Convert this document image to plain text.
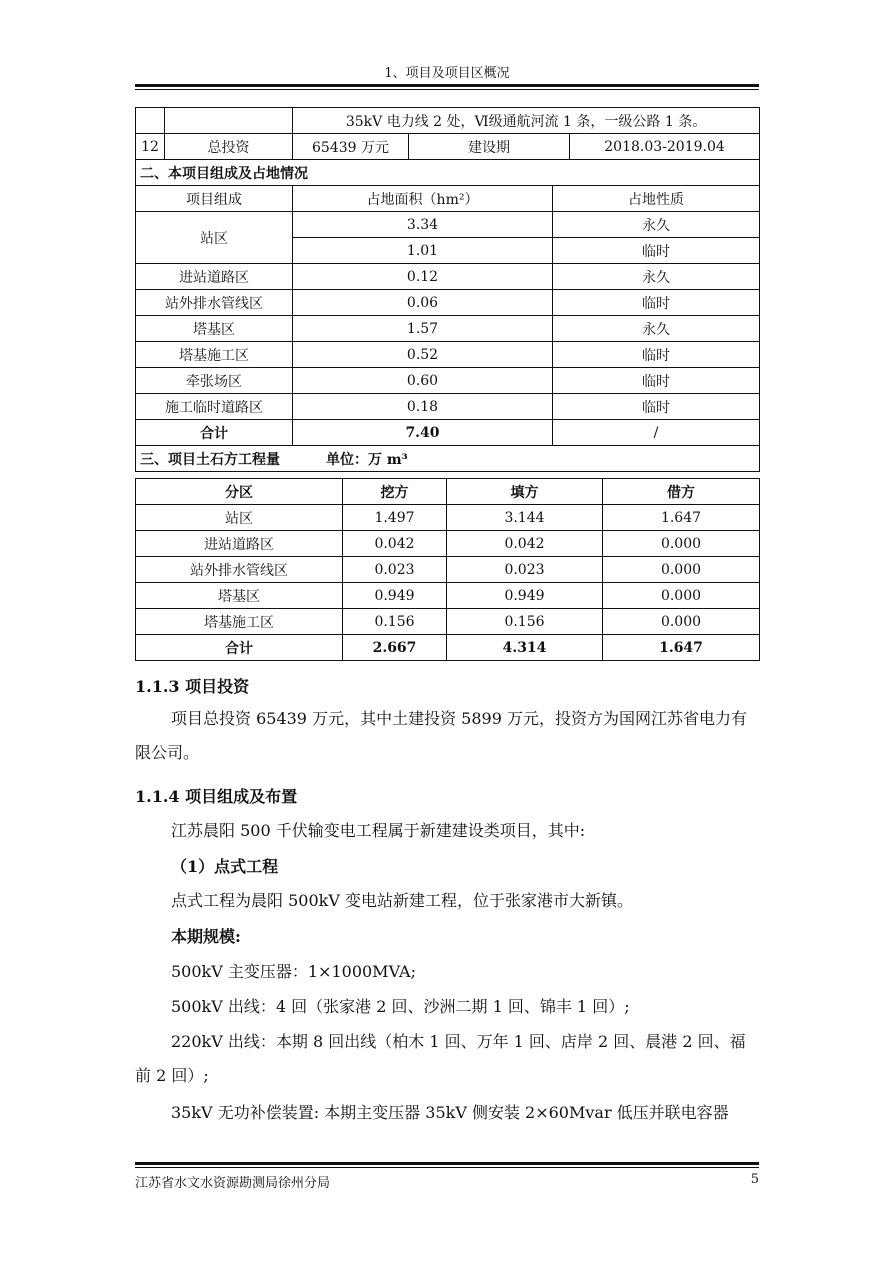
1、项目及项目区概况
		35kV 电力线 2 处，Ⅵ级通航河流 1 条，一级公路 1 条。			
12	总投资	65439 万元	建设期		2018.03-2019.04
二、本项目组成及占地情况					
项目组成		占地面积（hm²）		占地性质	
站区		3.34		永久	
		1.01		临时	
进站道路区		0.12		永久	
站外排水管线区		0.06		临时	
塔基区		1.57		永久	
塔基施工区		0.52		临时	
牵张场区		0.60		临时	
施工临时道路区		0.18		临时	
合计		7.40		/	
三、项目土石方工程量 单位：万 m³					
分区	挖方	填方	借方
站区	1.497	3.144	1.647
进站道路区	0.042	0.042	0.000
站外排水管线区	0.023	0.023	0.000
塔基区	0.949	0.949	0.000
塔基施工区	0.156	0.156	0.000
合计	2.667	4.314	1.647
1.1.3 项目投资
项目总投资 65439 万元，其中土建投资 5899 万元，投资方为国网江苏省电力有限公司。
1.1.4 项目组成及布置
江苏晨阳 500 千伏输变电工程属于新建建设类项目，其中:
（1）点式工程
点式工程为晨阳 500kV 变电站新建工程，位于张家港市大新镇。
本期规模:
500kV 主变压器：1×1000MVA;
500kV 出线：4 回（张家港 2 回、沙洲二期 1 回、锦丰 1 回）;
220kV 出线：本期 8 回出线（柏木 1 回、万年 1 回、店岸 2 回、晨港 2 回、福前 2 回）;
35kV 无功补偿装置: 本期主变压器 35kV 侧安装 2×60Mvar 低压并联电容器
江苏省水文水资源勘测局徐州分局	5
